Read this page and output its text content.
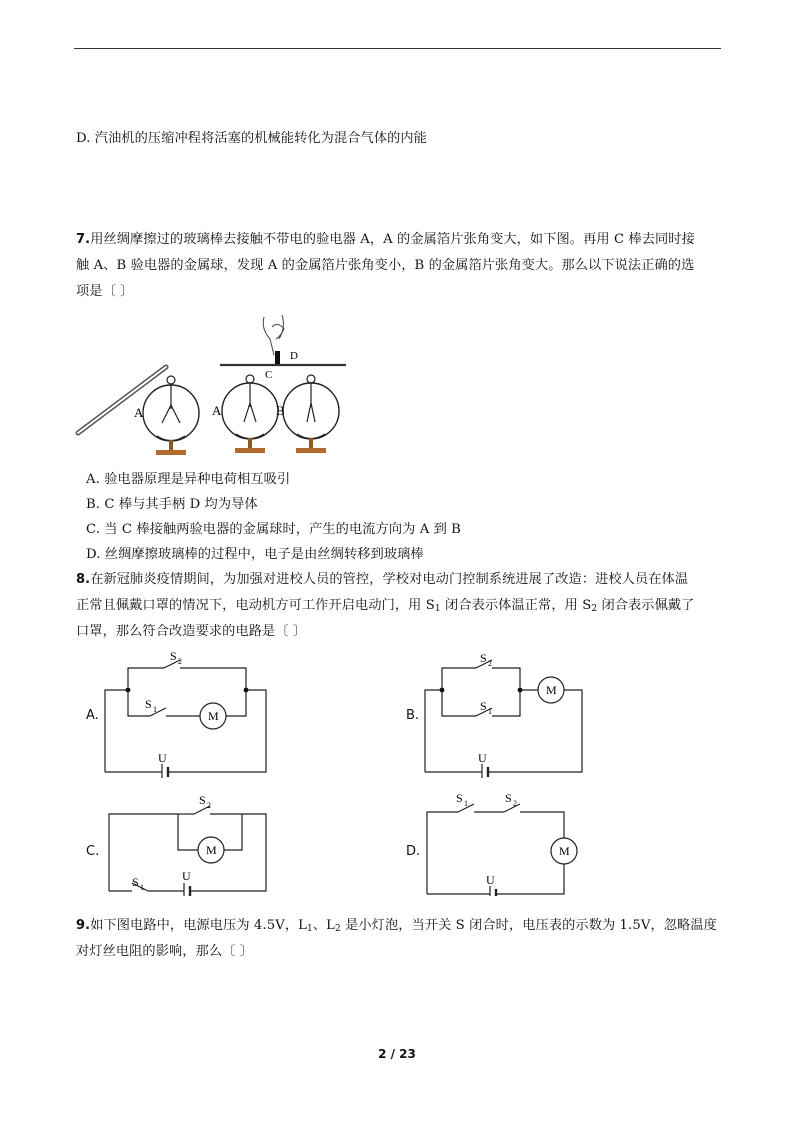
D. 汽油机的压缩冲程将活塞的机械能转化为混合气体的内能
7.用丝绸摩擦过的玻璃棒去接触不带电的验电器 A，A 的金属箔片张角变大，如下图。再用 C 棒去同时接
触 A、B 验电器的金属球，发现 A 的金属箔片张角变小，B 的金属箔片张角变大。那么以下说法正确的选
项是〔 〕
A
D
C
A	B
A. 验电器原理是异种电荷相互吸引
B. C 棒与其手柄 D 均为导体
C. 当 C 棒接触两验电器的金属球时，产生的电流方向为 A 到 B
D. 丝绸摩擦玻璃棒的过程中，电子是由丝绸转移到玻璃棒
8.在新冠肺炎疫情期间，为加强对进校人员的管控，学校对电动门控制系统进展了改造：进校人员在体温
正常且佩戴口罩的情况下，电动机方可工作开启电动门，用 $S_1$ 闭合表示体温正常，用 $S_2$ 闭合表示佩戴了
口罩，那么符合改造要求的电路是〔 〕
A.
S 2
S 1	M
U
B.
S 2
S 1
M
U
C.
S 2
S 1
M
U
D.
S 1	S 2
M
U
9.如下图电路中，电源电压为 4.5V，$L_1$、$L_2$ 是小灯泡，当开关 S 闭合时，电压表的示数为 1.5V，忽略温度
对灯丝电阻的影响，那么〔 〕
2 / 23
